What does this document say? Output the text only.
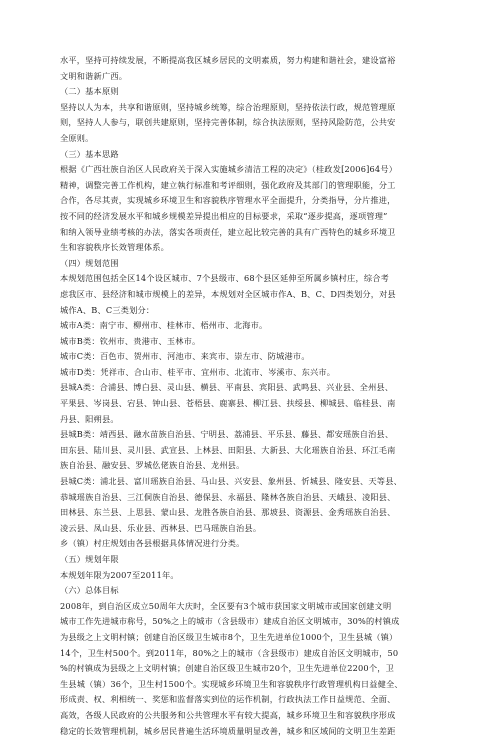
水平，坚持可持续发展，不断提高我区城乡居民的文明素质，努力构建和谐社会，建设富裕

文明和谐新广西。

（二）基本原则

坚持以人为本，共享和谐原则，坚持城乡统筹，综合治理原则，坚持依法行政，规范管理原

则，坚持人人参与，联创共建原则，坚持完善体制，综合执法原则，坚持风险防范，公共安

全原则。

（三）基本思路

根据《广西壮族自治区人民政府关于深入实施城乡清洁工程的决定》（桂政发[2006]64号）

精神，调整完善工作机构，建立執行标准和考评细则，强化政府及其部门的管理职能，分工

合作，各尽其责，实现城乡环境卫生和容貌秩序管理水平全面提升，分类指导，分片推进，

按不同的经济发展水平和城乡规模差异提出相应的目标要求，采取“逐步提高，逐项管理”

和纳入领导业绩考核的办法，落实各项责任，建立起比较完善的具有广西特色的城乡环境卫

生和容貌秩序长效管理体系。

（四）规划范围

本规划范围包括全区14个设区城市、7个县级市、68个县区延伸至所属乡镇村庄，综合考

虑我区市、县经济和城市规模上的差异，本规划对全区城市作A、B、C、D四类划分，对县

城作A、B、C三类划分：

城市A类：南宁市、柳州市、桂林市、梧州市、北海市。

城市B类：钦州市、贵港市、玉林市。

城市C类：百色市、贺州市、河池市、来宾市、崇左市、防城港市。

城市D类：凭祥市、合山市、桂平市、宜州市、北流市、岑溪市、东兴市。

县城A类：合浦县、博白县、灵山县、横县、平南县、宾阳县、武鸣县、兴业县、全州县、

平果县、岑岗县、宕县、钟山县、苍梧县、鹿寨县、柳江县、扶绥县、柳城县、临桂县、南

丹县、阳朔县。

县城B类：靖西县、融水苗族自治县、宁明县、荔浦县、平乐县、藤县、都安瑶族自治县、

田东县、陆川县、灵川县、武宣县、上林县、田阳县、大新县、大化瑶族自治县、环江毛南

族自治县、融安县、罗城仫佬族自治县、龙州县。

县城C类：浦北县、富川瑶族自治县、马山县、兴安县、象州县、忻城县、隆安县、天等县、

恭城瑶族自治县、三江侗族自治县、德保县、永福县、隆林各族自治县、天峨县、凌阳县、

田林县、东兰县、上思县、蒙山县、龙胜各族自治县、那坡县、资源县、金秀瑶族自治县、

凌云县、凤山县、乐业县、西林县、巴马瑶族自治县。

乡（镇）村庄规划由各县根据具体情况进行分类。

（五）规划年限

本规划年限为2007至2011年。

（六）总体目标

2008年，到自治区成立50周年大庆时，全区要有3个城市获国家文明城市或国家创建文明

城市工作先进城市称号，50%之上的城市（含县级市）建成自治区文明城市，30%的村镇成

为县级之上文明村镇；创建自治区级卫生城市8个，卫生先进单位1000个，卫生县城（镇）

14个，卫生村500个。到2011年，80%之上的城市（含县级市）建成自治区文明城市，50

%的村镇成为县级之上文明村镇；创建自治区级卫生城市20个，卫生先进单位2200个，卫

生县城（镇）36个，卫生村1500个。实现城乡环境卫生和容貌秩序行政管理机构日益健全、

形成责、权、利相统一、奖惩和监督落实到位的运作机制，行政执法工作日益规范、全面、

高效，各级人民政府的公共服务和公共管理水平有较大提高，城乡环境卫生和容貌秩序形成

稳定的长效管理机制，城乡居民普遍生活环境质量明显改善，城乡和区域间的文明卫生差距
